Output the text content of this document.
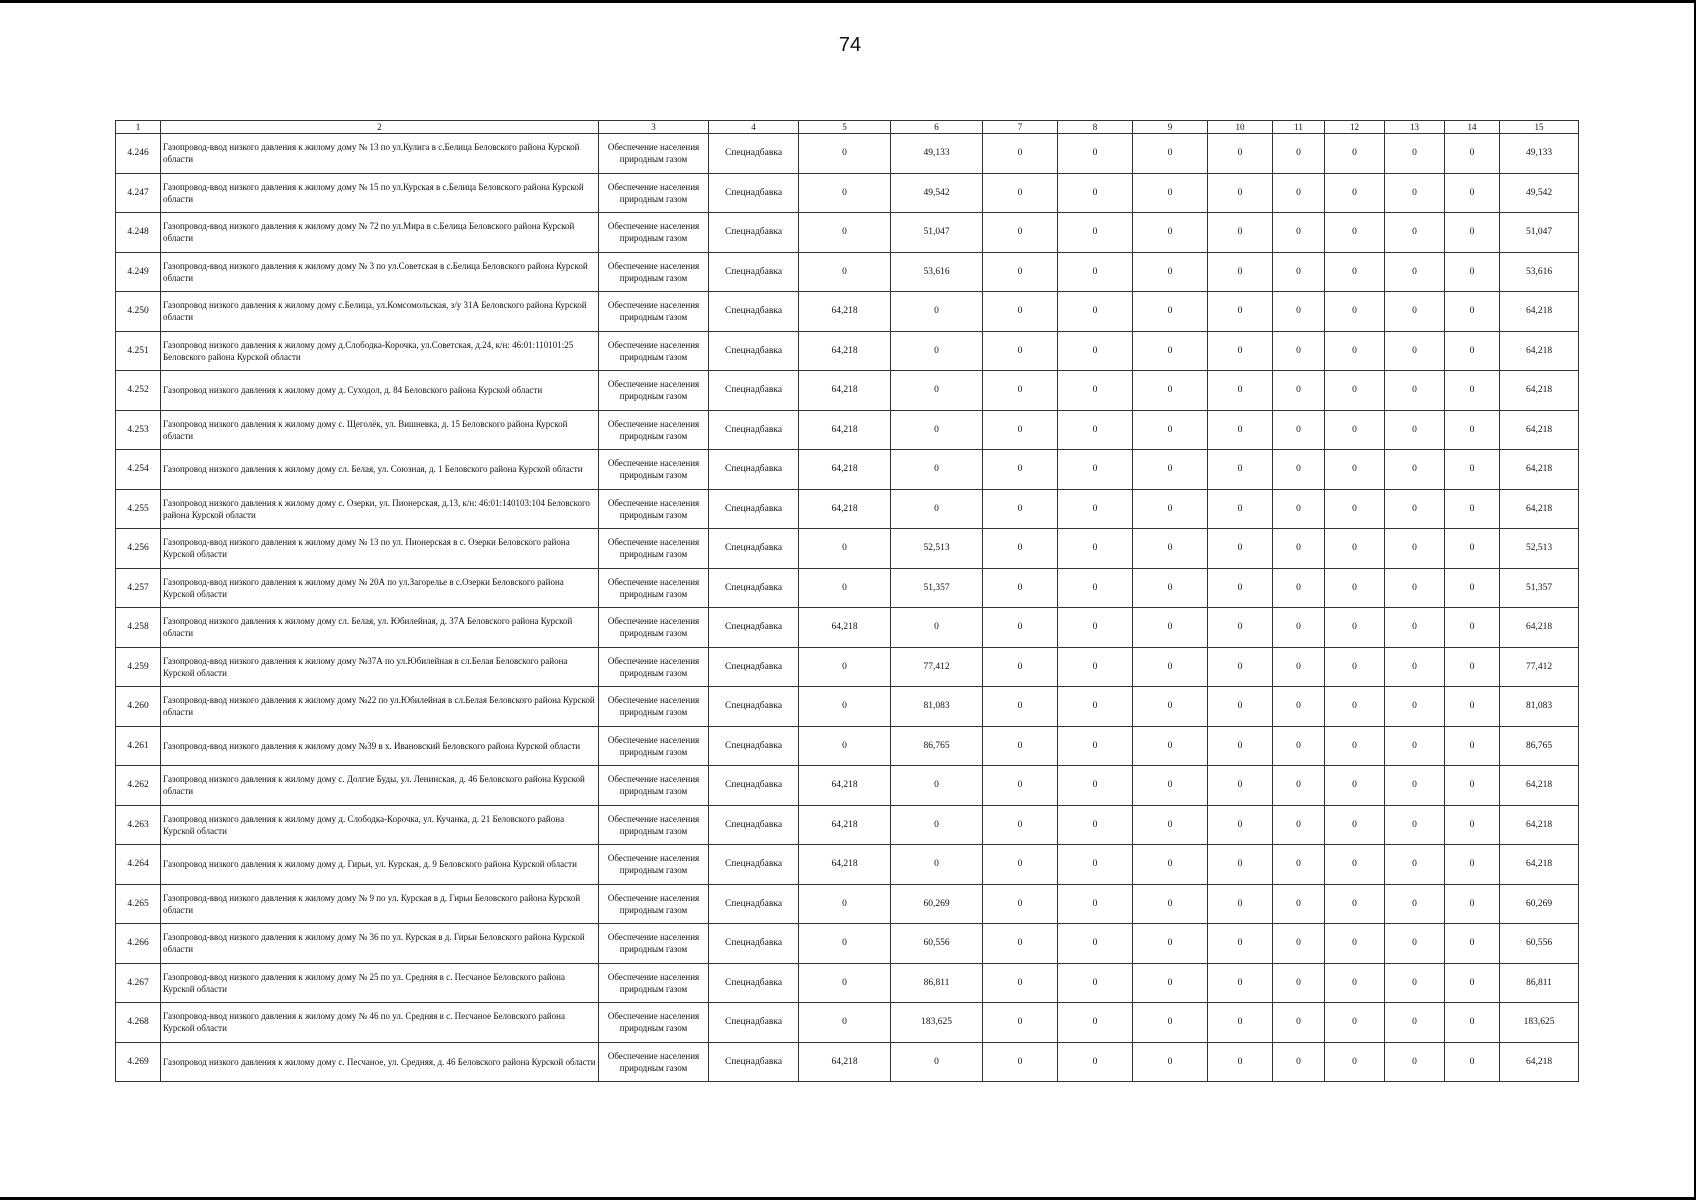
74
1	2	3	4	5	6	7	8	9	10	11	12	13	14	15
4.246	Газопровод-ввод низкого давления к жилому дому № 13 по ул.Кулига в с.Белица Беловского района Курской области	Обеспечение населения природным газом	Спецнадбавка	0	49,133	0	0	0	0	0	0	0	0	49,133
4.247	Газопровод-ввод низкого давления к жилому дому № 15 по ул.Курская в с.Белица Беловского района Курской области	Обеспечение населения природным газом	Спецнадбавка	0	49,542	0	0	0	0	0	0	0	0	49,542
4.248	Газопровод-ввод низкого давления к жилому дому № 72 по ул.Мира в с.Белица Беловского района Курской области	Обеспечение населения природным газом	Спецнадбавка	0	51,047	0	0	0	0	0	0	0	0	51,047
4.249	Газопровод-ввод низкого давления к жилому дому № 3 по ул.Советская в с.Белица Беловского района Курской области	Обеспечение населения природным газом	Спецнадбавка	0	53,616	0	0	0	0	0	0	0	0	53,616
4.250	Газопровод низкого давления к жилому дому с.Белица, ул.Комсомольская, з/у 31А Беловского района Курской области	Обеспечение населения природным газом	Спецнадбавка	64,218	0	0	0	0	0	0	0	0	0	64,218
4.251	Газопровод низкого давления к жилому дому д.Слободка-Корочка, ул.Советская, д.24, к/н: 46:01:110101:25 Беловского района Курской области	Обеспечение населения природным газом	Спецнадбавка	64,218	0	0	0	0	0	0	0	0	0	64,218
4.252	Газопровод низкого давления к жилому дому д. Суходол, д. 84 Беловского района Курской области	Обеспечение населения природным газом	Спецнадбавка	64,218	0	0	0	0	0	0	0	0	0	64,218
4.253	Газопровод низкого давления к жилому дому с. Щеголёк, ул. Вишневка, д. 15 Беловского района Курской области	Обеспечение населения природным газом	Спецнадбавка	64,218	0	0	0	0	0	0	0	0	0	64,218
4.254	Газопровод низкого давления к жилому дому сл. Белая, ул. Союзная, д. 1 Беловского района Курской области	Обеспечение населения природным газом	Спецнадбавка	64,218	0	0	0	0	0	0	0	0	0	64,218
4.255	Газопровод низкого давления к жилому дому с. Озерки, ул. Пионерская, д.13, к/н: 46:01:140103:104 Беловского района Курской области	Обеспечение населения природным газом	Спецнадбавка	64,218	0	0	0	0	0	0	0	0	0	64,218
4.256	Газопровод-ввод низкого давления к жилому дому № 13 по ул. Пионерская в с. Озерки Беловского района Курской области	Обеспечение населения природным газом	Спецнадбавка	0	52,513	0	0	0	0	0	0	0	0	52,513
4.257	Газопровод-ввод низкого давления к жилому дому № 20А по ул.Загорелье в с.Озерки Беловского района Курской области	Обеспечение населения природным газом	Спецнадбавка	0	51,357	0	0	0	0	0	0	0	0	51,357
4.258	Газопровод низкого давления к жилому дому сл. Белая, ул. Юбилейная, д. 37А Беловского района Курской области	Обеспечение населения природным газом	Спецнадбавка	64,218	0	0	0	0	0	0	0	0	0	64,218
4.259	Газопровод-ввод низкого давления к жилому дому №37А по ул.Юбилейная в сл.Белая Беловского района Курской области	Обеспечение населения природным газом	Спецнадбавка	0	77,412	0	0	0	0	0	0	0	0	77,412
4.260	Газопровод-ввод низкого давления к жилому дому №22 по ул.Юбилейная в сл.Белая Беловского района Курской области	Обеспечение населения природным газом	Спецнадбавка	0	81,083	0	0	0	0	0	0	0	0	81,083
4.261	Газопровод-ввод низкого давления к жилому дому №39 в х. Ивановский Беловского района Курской области	Обеспечение населения природным газом	Спецнадбавка	0	86,765	0	0	0	0	0	0	0	0	86,765
4.262	Газопровод низкого давления к жилому дому с. Долгие Буды, ул. Ленинская, д. 46 Беловского района Курской области	Обеспечение населения природным газом	Спецнадбавка	64,218	0	0	0	0	0	0	0	0	0	64,218
4.263	Газопровод низкого давления к жилому дому д. Слободка-Корочка, ул. Кучанка, д. 21 Беловского района Курской области	Обеспечение населения природным газом	Спецнадбавка	64,218	0	0	0	0	0	0	0	0	0	64,218
4.264	Газопровод низкого давления к жилому дому д. Гирьи, ул. Курская, д. 9 Беловского района Курской области	Обеспечение населения природным газом	Спецнадбавка	64,218	0	0	0	0	0	0	0	0	0	64,218
4.265	Газопровод-ввод низкого давления к жилому дому № 9 по ул. Курская в д. Гирьи Беловского района Курской области	Обеспечение населения природным газом	Спецнадбавка	0	60,269	0	0	0	0	0	0	0	0	60,269
4.266	Газопровод-ввод низкого давления к жилому дому № 36 по ул. Курская в д. Гирьи Беловского района Курской области	Обеспечение населения природным газом	Спецнадбавка	0	60,556	0	0	0	0	0	0	0	0	60,556
4.267	Газопровод-ввод низкого давления к жилому дому № 25 по ул. Средняя в с. Песчаное Беловского района Курской области	Обеспечение населения природным газом	Спецнадбавка	0	86,811	0	0	0	0	0	0	0	0	86,811
4.268	Газопровод-ввод низкого давления к жилому дому № 46 по ул. Средняя в с. Песчаное Беловского района Курской области	Обеспечение населения природным газом	Спецнадбавка	0	183,625	0	0	0	0	0	0	0	0	183,625
4.269	Газопровод низкого давления к жилому дому с. Песчаное, ул. Средняя, д. 46 Беловского района Курской области	Обеспечение населения природным газом	Спецнадбавка	64,218	0	0	0	0	0	0	0	0	0	64,218
